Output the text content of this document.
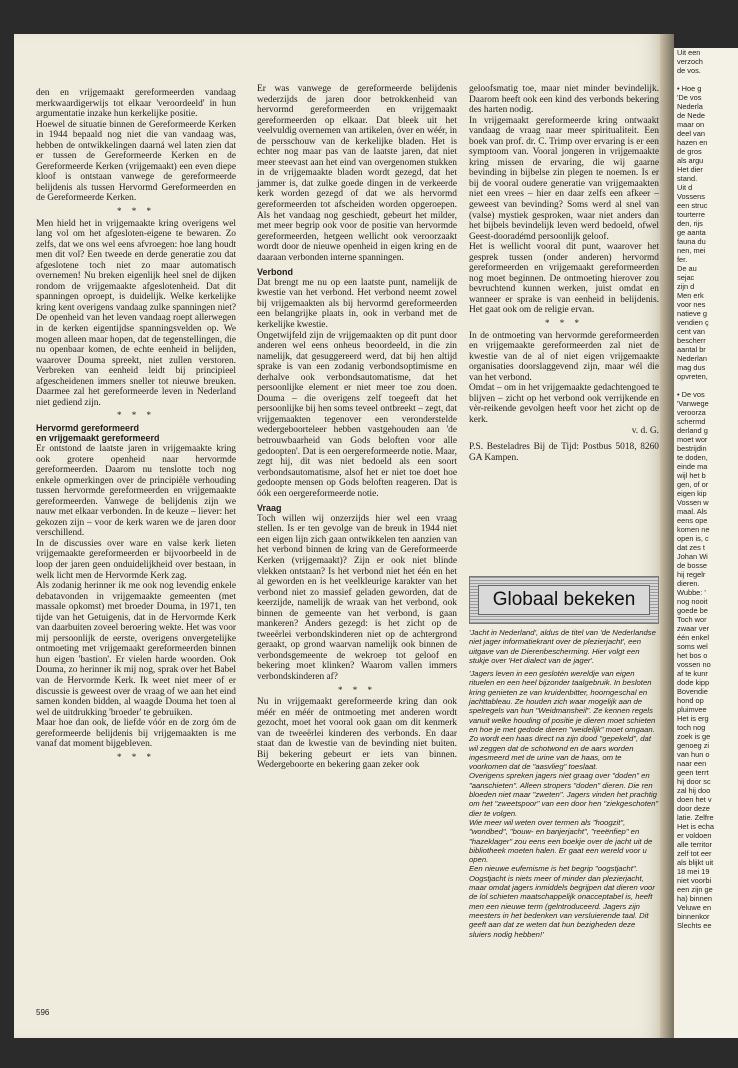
den en vrijgemaakt gereformeerden vandaag merkwaardigerwijs tot elkaar 'veroordeeld' in hun argumentatie inzake hun kerkelijke positie.

Hoewel de situatie binnen de Gereformeerde Kerken in 1944 bepaald nog niet die van vandaag was, hebben de ontwikkelingen daarná wel laten zien dat er tussen de Gereformeerde Kerken en de Gereformeerde Kerken (vrijgemaakt) een even diepe kloof is ontstaan vanwege de gereformeerde belijdenis als tussen Hervormd Gereformeerden en de Gereformeerde Kerken.

* * *

Men hield het in vrijgemaakte kring overigens wel lang vol om het afgesloten-eigene te bewaren. Zo zelfs, dat we ons wel eens afvroegen: hoe lang houdt men dit vol? Een tweede en derde generatie zou dat afgeslotene toch niet zo maar automatisch overnemen! Nu breken eigenlijk heel snel de dijken rondom de vrijgemaakte afgeslotenheid. Dat dit spanningen oproept, is duidelijk. Welke kerkelijke kring kent overigens vandaag zulke spanningen niet? De openheid van het leven vandaag roept allerwegen in de kerken eigentijdse spanningsvelden op. We mogen alleen maar hopen, dat de tegenstellingen, die nu openbaar komen, de echte eenheid in belijden, waarover Douma spreekt, niet zullen verstoren. Verbreken van eenheid leidt bij principieel afgescheidenen immers sneller tot nieuwe breuken. Daarmee zal het gereformeerde leven in Nederland niet gediend zijn.

* * *
Hervormd gereformeerd
en vrijgemaakt gereformeerd

Er ontstond de laatste jaren in vrijgemaakte kring ook grotere openheid naar hervormde gereformeerden. Daarom nu tenslotte toch nog enkele opmerkingen over de principiële verhouding tussen hervormde gereformeerden en vrijgemaakte gereformeerden. Vanwege de belijdenis zijn we nauw met elkaar verbonden. In de keuze – liever: het gekozen zijn – voor de kerk waren we de jaren door verschillend.

In de discussies over ware en valse kerk lieten vrijgemaakte gereformeerden er bijvoorbeeld in de loop der jaren geen onduidelijkheid over bestaan, in welk licht men de Hervormde Kerk zag.

Als zodanig herinner ik me ook nog levendig enkele debatavonden in vrijgemaakte gemeenten (met massale opkomst) met broeder Douma, in 1971, ten tijde van het Getuigenis, dat in de Hervormde Kerk van daarbuiten zoveel beroering wekte. Het was voor mij persoonlijk de eerste, overigens onvergetelijke ontmoeting met vrijgemaakt gereformeerden binnen hun eigen 'bastion'. Er vielen harde woorden. Ook Douma, zo herinner ik mij nog, sprak over het Babel van de Hervormde Kerk. Ik weet niet meer of er discussie is geweest over de vraag of we aan het eind samen konden bidden, al waagde Douma het toen al wel de uitdrukking 'broeder' te gebruiken.

Maar hoe dan ook, de liefde vóór en de zorg óm de gereformeerde belijdenis bij vrijgemaakten is me vanaf dat moment bijgebleven.

* * *

Er was vanwege de gereformeerde belijdenis wederzijds de jaren door betrokkenheid van hervormd gereformeerden en vrijgemaakt gereformeerden op elkaar. Dat bleek uit het veelvuldig overnemen van artikelen, óver en wéér, in de persschouw van de kerkelijke bladen. Het is echter nog maar pas van de laatste jaren, dat niet meer steevast aan het eind van overgenomen stukken in de vrijgemaakte bladen wordt gezegd, dat het jammer is, dat zulke goede dingen in de verkeerde kerk worden gezegd of dat we als hervormd gereformeerden tot afscheiden worden opgeroepen. Als het vandaag nog geschiedt, gebeurt het milder, met meer begrip ook voor de positie van hervormde gereformeerden, hetgeen wellicht ook veroorzaakt wordt door de nieuwe openheid in eigen kring en de daaraan verbonden interne spanningen.

Verbond

Dat brengt me nu op een laatste punt, namelijk de kwestie van het verbond. Het verbond neemt zowel bij vrijgemaakten als bij hervormd gereformeerden een belangrijke plaats in, ook in verband met de kerkelijke kwestie.

Ongetwijfeld zijn de vrijgemaakten op dit punt door anderen wel eens onheus beoordeeld, in die zin namelijk, dat gesuggereerd werd, dat bij hen altijd sprake is van een zodanig verbondsoptimisme en derhalve ook verbondsautomatisme, dat het persoonlijke element er niet meer toe zou doen. Douma – die overigens zelf toegeeft dat het persoonlijke bij hen soms teveel ontbreekt – zegt, dat vrijgemaakten tegenover een veronderstelde wedergeboorteleer hebben vastgehouden aan 'de betrouwbaarheid van Gods beloften voor alle gedoopten'. Dat is een oergereformeerde notie. Maar, zegt hij, dit was niet bedoeld als een soort verbondsautomatisme, alsof het er niet toe doet hoe gedoopte mensen op Gods beloften reageren. Dat is óók een oergereformeerde notie.

Vraag

Toch willen wij onzerzijds hier wel een vraag stellen. Is er ten gevolge van de breuk in 1944 niet een eigen lijn zich gaan ontwikkelen ten aanzien van het verbond binnen de kring van de Gereformeerde Kerken (vrijgemaakt)? Zijn er ook niet blinde vlekken ontstaan? Is het verbond niet het één en het al geworden en is het veelkleurige karakter van het verbond niet zo massief geladen geworden, dat de keerzijde, namelijk de wraak van het verbond, ook binnen de gemeente van het verbond, is gaan mankeren? Anders gezegd: is het zicht op de tweeërlei verbondskinderen niet op de achtergrond geraakt, op grond waarvan namelijk ook binnen de verbondsgemeente de wekroep tot geloof en bekering moet klinken? Waarom vallen immers verbondskinderen af?

* * *

Nu in vrijgemaakt gereformeerde kring dan ook méér en méér de ontmoeting met anderen wordt gezocht, moet het vooral ook gaan om dit kenmerk van de tweeërlei kinderen des verbonds. En daar staat dan de kwestie van de bevinding niet buiten. Bij bekering gebeurt er iets van binnen. Wedergeboorte en bekering gaan zeker ook

geloofsmatig toe, maar niet minder bevindelijk. Daarom heeft ook een kind des verbonds bekering des harten nodig.

In vrijgemaakt gereformeerde kring ontwaakt vandaag de vraag naar meer spiritualiteit. Een boek van prof. dr. C. Trimp over ervaring is er een symptoom van. Vooral jongeren in vrijgemaakte kring missen de ervaring, die wij gaarne bevinding in bijbelse zin plegen te noemen. Is er bij de vooral oudere generatie van vrijgemaakten niet een vrees – hier en daar zelfs een afkeer – geweest van bevinding? Soms werd al snel van (valse) mystiek gesproken, waar niet anders dan het bijbels bevindelijk leven werd bedoeld, ofwel Geest-dooradémd persoonlijk geloof.

Het is wellicht vooral dit punt, waarover het gesprek tussen (onder anderen) hervormd gereformeerden en vrijgemaakt gereformeerden nog moet beginnen. De ontmoeting hierover zou bevruchtend kunnen werken, juist omdat en wanneer er sprake is van eenheid in belijdenis. Het gaat ook om de religie ervan.

* * *

In de ontmoeting van hervormde gereformeerden en vrijgemaakte gereformeerden zal niet de kwestie van de al of niet eigen vrijgemaakte organisaties doorslaggevend zijn, maar wél die van het verbond.

Omdat – om in het vrijgemaakte gedachtengoed te blijven – zicht op het verbond ook verrijkende en vèr-reikende gevolgen heeft voor het zicht op de kerk.

v. d. G.

P.S. Besteladres Bij de Tijd: Postbus 5018, 8260 GA Kampen.

Globaal bekeken

'Jacht in Nederland', aldus de titel van 'de Nederlandse niet jager informatiekrant over de plezierjacht', een uitgave van de Dierenbescherming. Hier volgt een stukje over 'Het dialect van de jager'.

'Jagers leven in een geslotén wereldje van eigen rituelen en een heel bijzonder taalgebruik. In besloten kring genieten ze van kruidenbitter, hoorngeschal en jachttableau. Ze houden zich waar mogelijk aan de spelregels van hun "Weidmansheil". Ze kennen regels vanuit welke houding of positie je dieren moet schieten en hoe je met gedode dieren "weidelijk" moet omgaan. Zo wordt een haas direct na zijn dood "gepekeld", dat wil zeggen dat de schotwond en de aars worden ingesmeerd met de urine van de haas, om te voorkomen dat de "aasvlieg" toeslaat.

Overigens spreken jagers niet graag over "doden" en "aanschieten". Alleen stropers "doden" dieren. Die ren bloeden niet maar "zweten". Jagers vinden het prachtig om het "zweetspoor" van een door hen "ziekgeschoten" dier te volgen.

Wie meer wil weten over termen als "hoogzit", "wondbed", "bouw- en banjerjacht", "reeënfiep" en "hazeklager" zou eens een boekje over de jacht uit de bibliotheek moeten halen. Er gaat een wereld voor u open.

Een nieuwe eufemisme is het begrip "oogstjacht". Oogstjacht is niets meer of minder dan plezierjacht, maar omdat jagers inmiddels begrijpen dat dieren voor de lol schieten maatschappelijk onacceptabel is, heeft men een nieuwe term (gelntroduceerd. Jagers zijn meesters in het bedenken van versluierende taal. Dit geeft aan dat ze weten dat hun bezigheden deze sluiers nodig hebben!'

596

Uit een

verzoch

de vos.

• Hoe g

'De vos

Nederla

de Nede

maar on

deel van

hazen en

de gros

als argu

Het dier

stand.

Uit d

Vossens

een struc

tourterre

den, rijs

ge aanta

fauna du

nen, mei

fer.

De au

sejac

zijn d

Men erk

voor nes

natieve g

vendien ç

cent van

bescherr

aantal br

Nederlan

mag dus

opvreten,

• De vos

'Vanwege

veroorza

schermd

derland g

moet wor

bestrijdin

te doden,

einde ma

wijl het b

gen, of or

eigen kip

Vossen w

maal. Als

eens ope

komen ne

open is, c

dat zes t

Johan Wi

de bosse

hij regelr

dieren.

Wubbe: '

nog nooit

goede be

Toch wor

zwaar ver

één enkel

soms wel

het bos o

vossen no

af te kunr

dode kipp

Bovendie

hond op

pluimvee

Het is erg

toch nog

zoek is ge

genoeg zi

van hun o

naar een

geen terrt

hij door sc

zal hij doo

doen het v

door deze

latie. Zelfre

Het is echa

er voldoen

alle territor

zelf tot eer

als blijkt uit

18 mei 19

niet voorbi

een zijn ge

ha) binnen

Veluwe en

binnenkor

Slechts ee
